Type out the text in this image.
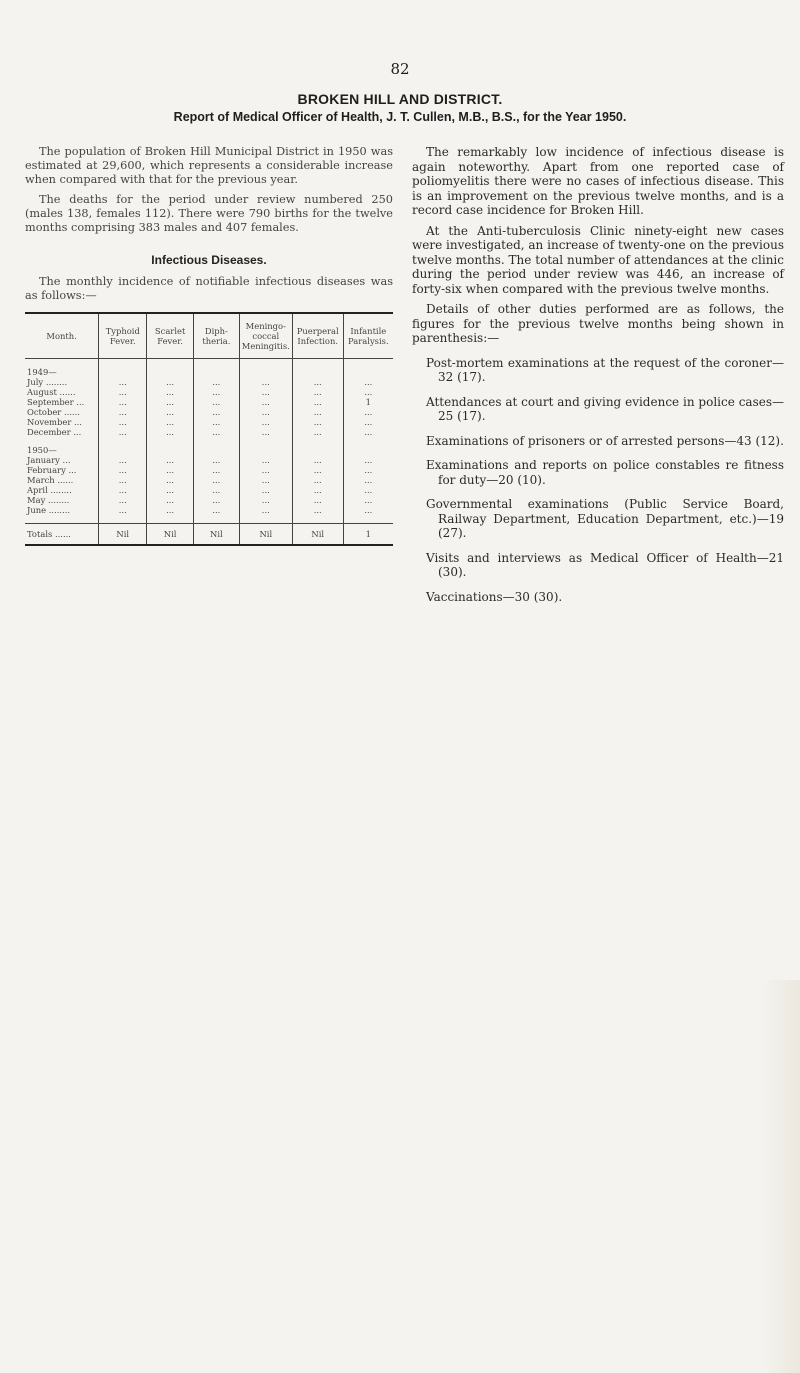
82
BROKEN HILL AND DISTRICT.
Report of Medical Officer of Health, J. T. Cullen, M.B., B.S., for the Year 1950.

The population of Broken Hill Municipal District in 1950 was estimated at 29,600, which represents a considerable increase when compared with that for the previous year.

The deaths for the period under review numbered 250 (males 138, females 112). There were 790 births for the twelve months comprising 383 males and 407 females.

Infectious Diseases.

The monthly incidence of notifiable infectious diseases was as follows:—

Month.	Typhoid Fever.	Scarlet Fever.	Diph-theria.	Meningo-coccal Meningitis.	Puerperal Infection.	Infantile Paralysis.

1949—						
July ........	...	...	...	...	...	...
August ......	...	...	...	...	...	...
September ...	...	...	...	...	...	1
October ......	...	...	...	...	...	...
November ...	...	...	...	...	...	...
December ...	...	...	...	...	...	...

1950—						
January ...	...	...	...	...	...	...
February ...	...	...	...	...	...	...
March ......	...	...	...	...	...	...
April ........	...	...	...	...	...	...
May ........	...	...	...	...	...	...
June ........	...	...	...	...	...	...

Totals ......	Nil	Nil	Nil	Nil	Nil	1

The remarkably low incidence of infectious disease is again noteworthy. Apart from one reported case of poliomyelitis there were no cases of infectious disease. This is an improvement on the previous twelve months, and is a record case incidence for Broken Hill.

At the Anti-tuberculosis Clinic ninety-eight new cases were investigated, an increase of twenty-one on the previous twelve months. The total number of attendances at the clinic during the period under review was 446, an increase of forty-six when compared with the previous twelve months.

Details of other duties performed are as follows, the figures for the previous twelve months being shown in parenthesis:—

Post-mortem examinations at the request of the coroner—32 (17).

Attendances at court and giving evidence in police cases—25 (17).

Examinations of prisoners or of arrested persons—43 (12).

Examinations and reports on police constables re fitness for duty—20 (10).

Governmental examinations (Public Service Board, Railway Department, Education Department, etc.)—19 (27).

Visits and interviews as Medical Officer of Health—21 (30).

Vaccinations—30 (30).
